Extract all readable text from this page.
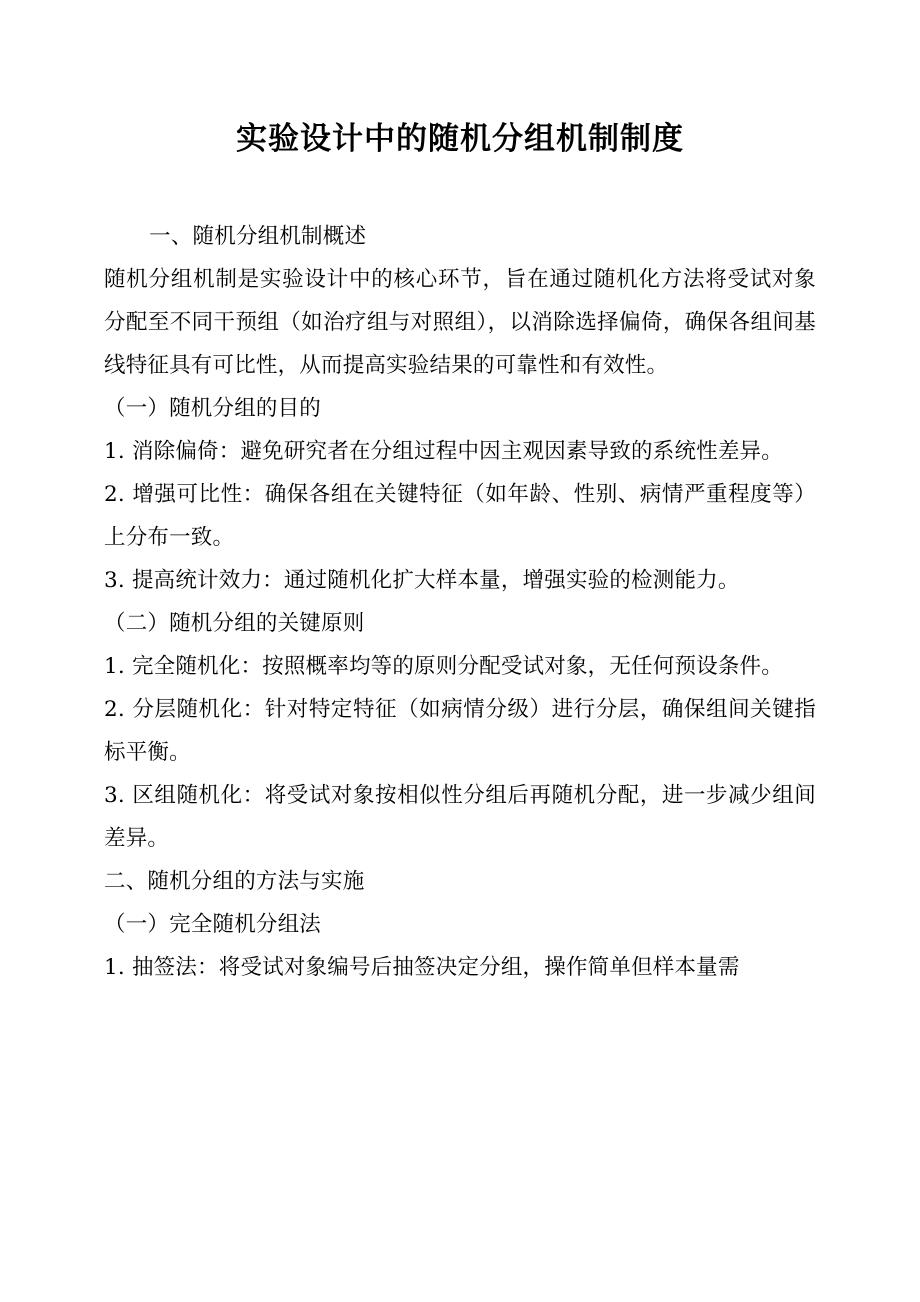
实验设计中的随机分组机制制度

一、随机分组机制概述

随机分组机制是实验设计中的核心环节，旨在通过随机化方法将受试对象分配至不同干预组（如治疗组与对照组），以消除选择偏倚，确保各组间基线特征具有可比性，从而提高实验结果的可靠性和有效性。

（一）随机分组的目的

1. 消除偏倚：避免研究者在分组过程中因主观因素导致的系统性差异。

2. 增强可比性：确保各组在关键特征（如年龄、性别、病情严重程度等）上分布一致。

3. 提高统计效力：通过随机化扩大样本量，增强实验的检测能力。

（二）随机分组的关键原则

1. 完全随机化：按照概率均等的原则分配受试对象，无任何预设条件。

2. 分层随机化：针对特定特征（如病情分级）进行分层，确保组间关键指标平衡。

3. 区组随机化：将受试对象按相似性分组后再随机分配，进一步减少组间差异。

二、随机分组的方法与实施

（一）完全随机分组法

1. 抽签法：将受试对象编号后抽签决定分组，操作简单但样本量需
